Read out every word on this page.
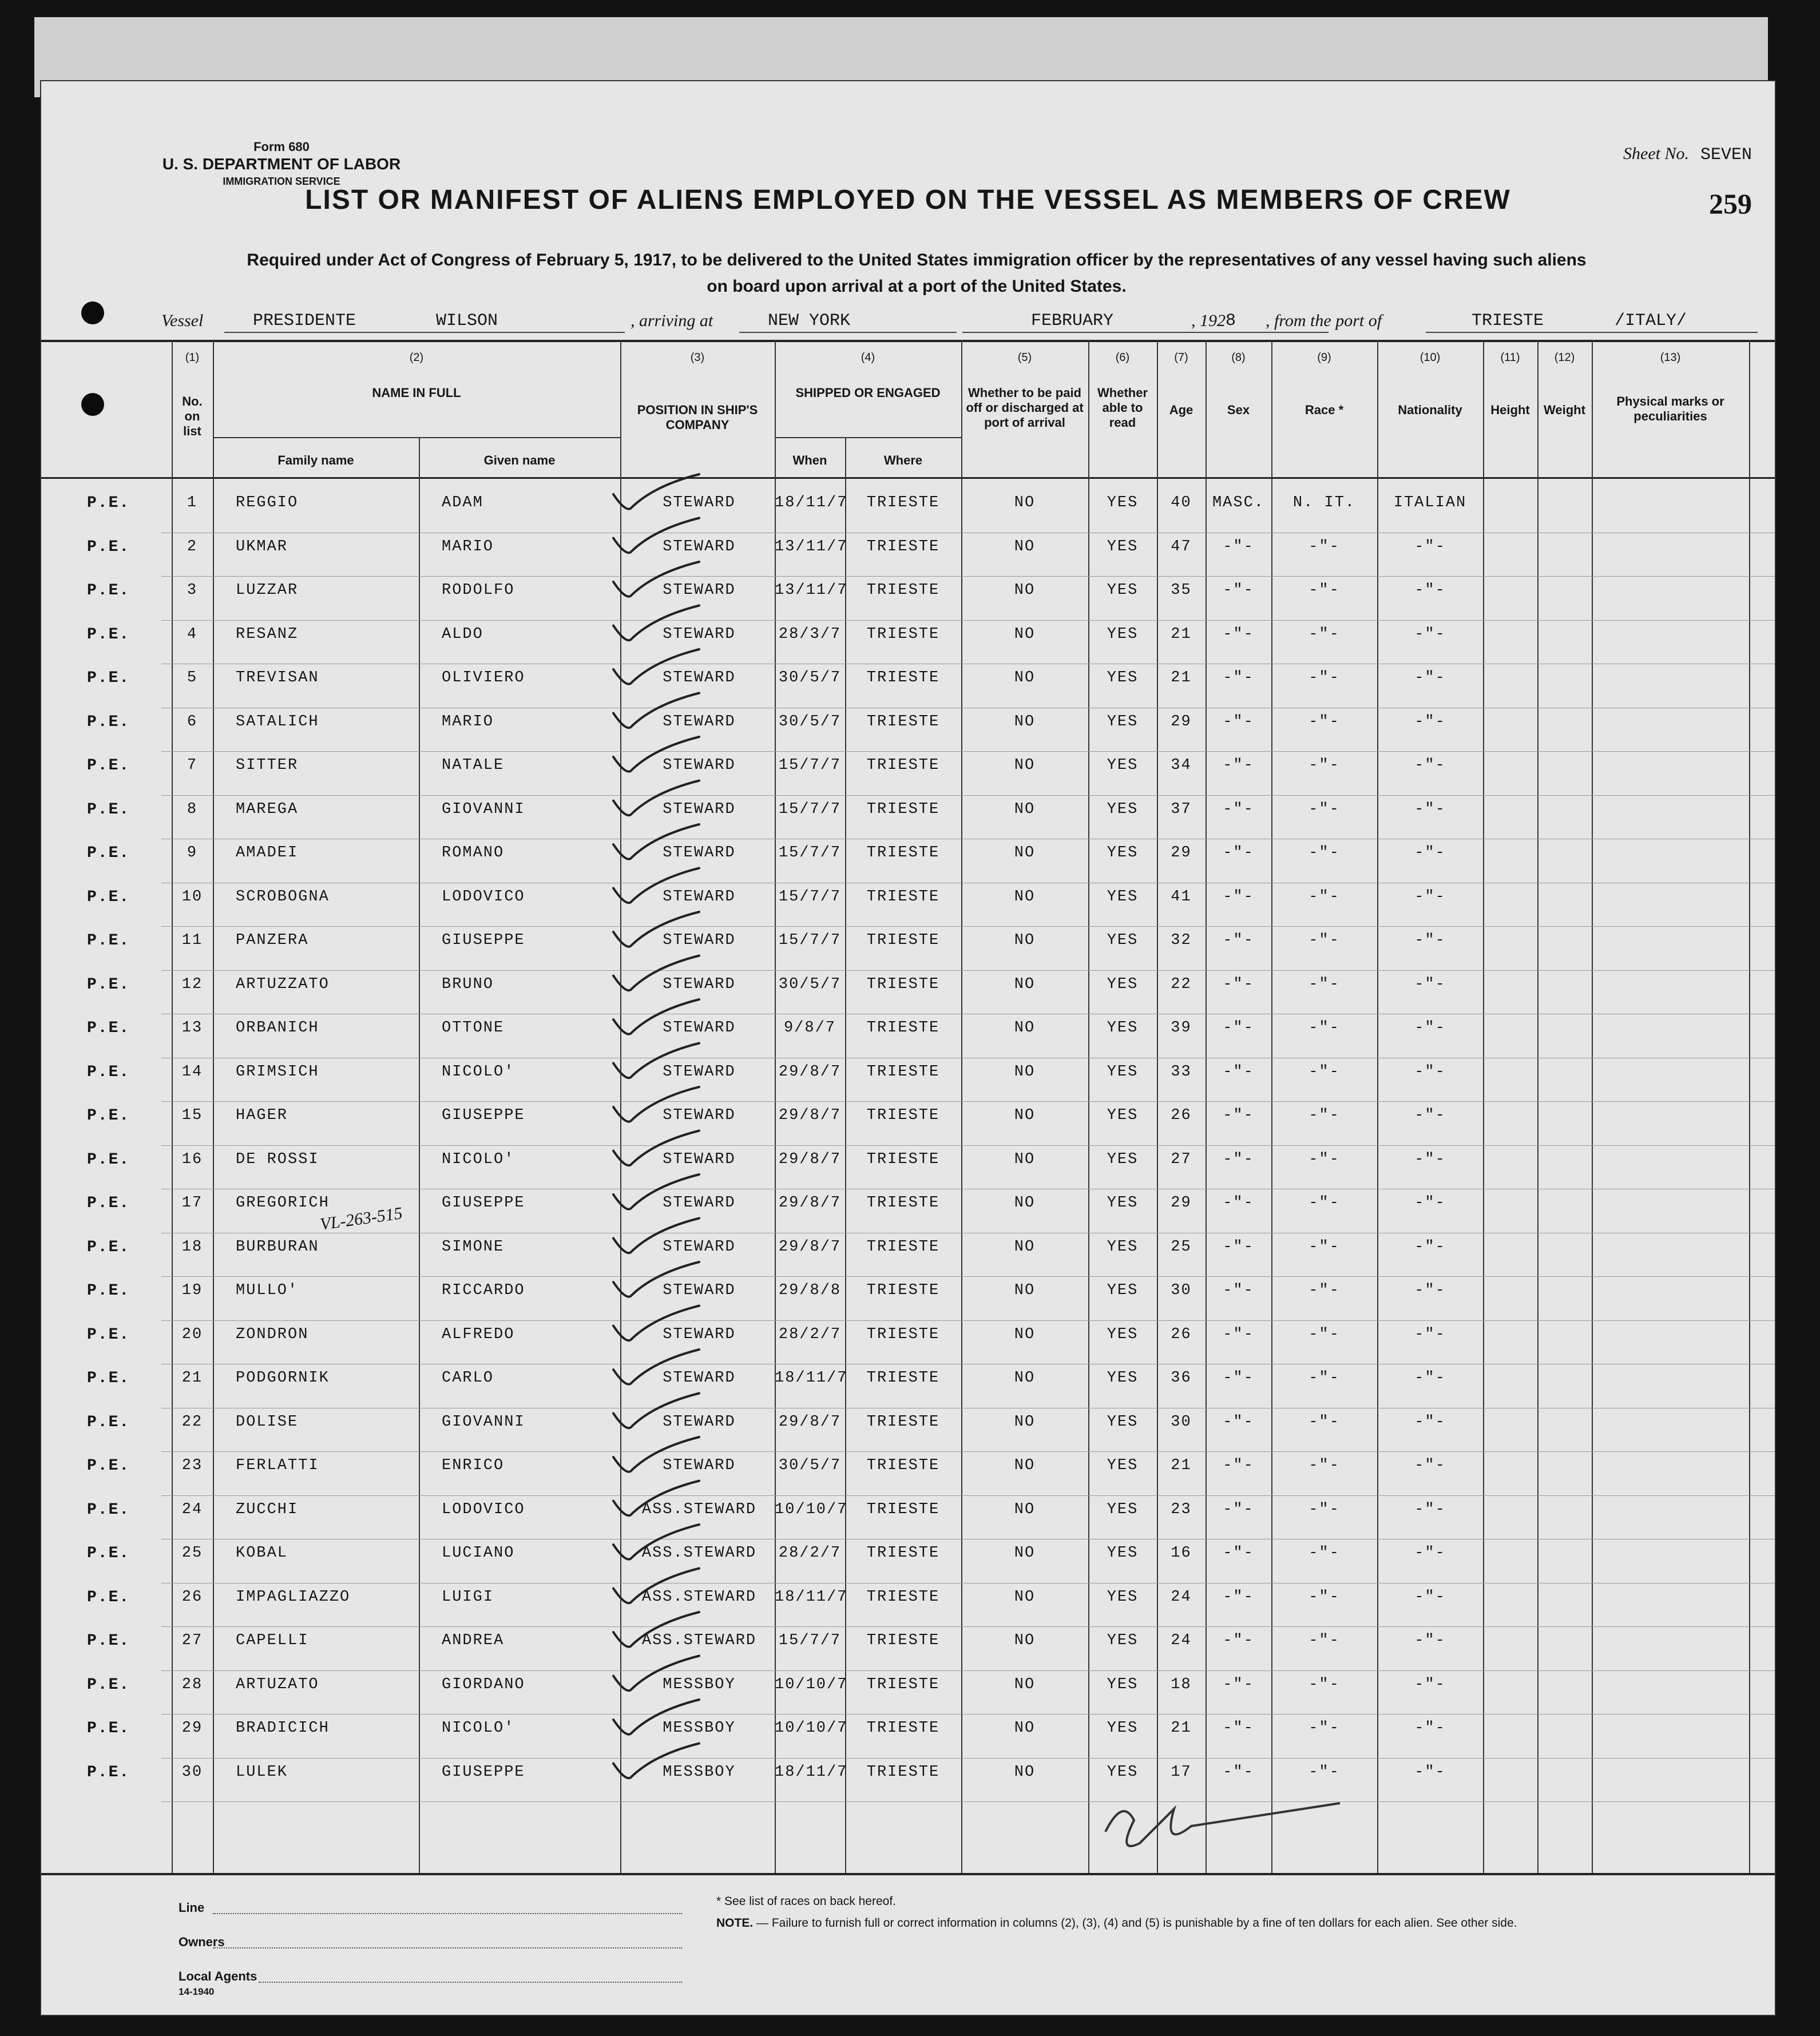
Form 680
U. S. DEPARTMENT OF LABOR
IMMIGRATION SERVICE
Sheet No. SEVEN
259
LIST OR MANIFEST OF ALIENS EMPLOYED ON THE VESSEL AS MEMBERS OF CREW
Required under Act of Congress of February 5, 1917, to be delivered to the United States immigration officer by the representatives of any vessel having such aliens
on board upon arrival at a port of the United States.
Vessel	PRESIDENTE	WILSON	, arriving at	NEW YORK	FEBRUARY	, 192 8 , from the port of	TRIESTE	/ITALY/
(1)	(2)	(3)	(4)	(5)	(6)	(7)	(8)	(9)	(10)	(11)	(12)	(13)
No. on list
NAME IN FULL
Family name	Given name
POSITION IN SHIP'S COMPANY
SHIPPED OR ENGAGED
When	Where
Whether to be paid off or discharged at port of arrival
Whether able to read
Age	Sex	Race *	Nationality	Height	Weight
Physical marks or peculiarities
P.E.	1	REGGIO	ADAM	STEWARD	18/11/7	TRIESTE	NO	YES	40	MASC.	N. IT.	ITALIAN
P.E.	2	UKMAR	MARIO	STEWARD	13/11/7	TRIESTE	NO	YES	47	-"-	-"-	-"-
P.E.	3	LUZZAR	RODOLFO	STEWARD	13/11/7	TRIESTE	NO	YES	35	-"-	-"-	-"-
P.E.	4	RESANZ	ALDO	STEWARD	28/3/7	TRIESTE	NO	YES	21	-"-	-"-	-"-
P.E.	5	TREVISAN	OLIVIERO	STEWARD	30/5/7	TRIESTE	NO	YES	21	-"-	-"-	-"-
P.E.	6	SATALICH	MARIO	STEWARD	30/5/7	TRIESTE	NO	YES	29	-"-	-"-	-"-
P.E.	7	SITTER	NATALE	STEWARD	15/7/7	TRIESTE	NO	YES	34	-"-	-"-	-"-
P.E.	8	MAREGA	GIOVANNI	STEWARD	15/7/7	TRIESTE	NO	YES	37	-"-	-"-	-"-
P.E.	9	AMADEI	ROMANO	STEWARD	15/7/7	TRIESTE	NO	YES	29	-"-	-"-	-"-
P.E.	10	SCROBOGNA	LODOVICO	STEWARD	15/7/7	TRIESTE	NO	YES	41	-"-	-"-	-"-
P.E.	11	PANZERA	GIUSEPPE	STEWARD	15/7/7	TRIESTE	NO	YES	32	-"-	-"-	-"-
P.E.	12	ARTUZZATO	BRUNO	STEWARD	30/5/7	TRIESTE	NO	YES	22	-"-	-"-	-"-
P.E.	13	ORBANICH	OTTONE	STEWARD	9/8/7	TRIESTE	NO	YES	39	-"-	-"-	-"-
P.E.	14	GRIMSICH	NICOLO'	STEWARD	29/8/7	TRIESTE	NO	YES	33	-"-	-"-	-"-
P.E.	15	HAGER	GIUSEPPE	STEWARD	29/8/7	TRIESTE	NO	YES	26	-"-	-"-	-"-
P.E.	16	DE ROSSI	NICOLO'	STEWARD	29/8/7	TRIESTE	NO	YES	27	-"-	-"-	-"-
P.E.	17	GREGORICH	GIUSEPPE	STEWARD	29/8/7	TRIESTE	NO	YES	29	-"-	-"-	-"-
P.E.	18	BURBURAN	SIMONE	STEWARD	29/8/7	TRIESTE	NO	YES	25	-"-	-"-	-"-
P.E.	19	MULLO'	RICCARDO	STEWARD	29/8/8	TRIESTE	NO	YES	30	-"-	-"-	-"-
P.E.	20	ZONDRON	ALFREDO	STEWARD	28/2/7	TRIESTE	NO	YES	26	-"-	-"-	-"-
P.E.	21	PODGORNIK	CARLO	STEWARD	18/11/7	TRIESTE	NO	YES	36	-"-	-"-	-"-
P.E.	22	DOLISE	GIOVANNI	STEWARD	29/8/7	TRIESTE	NO	YES	30	-"-	-"-	-"-
P.E.	23	FERLATTI	ENRICO	STEWARD	30/5/7	TRIESTE	NO	YES	21	-"-	-"-	-"-
P.E.	24	ZUCCHI	LODOVICO	ASS.STEWARD	10/10/7	TRIESTE	NO	YES	23	-"-	-"-	-"-
P.E.	25	KOBAL	LUCIANO	ASS.STEWARD	28/2/7	TRIESTE	NO	YES	16	-"-	-"-	-"-
P.E.	26	IMPAGLIAZZO	LUIGI	ASS.STEWARD	18/11/7	TRIESTE	NO	YES	24	-"-	-"-	-"-
P.E.	27	CAPELLI	ANDREA	ASS.STEWARD	15/7/7	TRIESTE	NO	YES	24	-"-	-"-	-"-
P.E.	28	ARTUZATO	GIORDANO	MESSBOY	10/10/7	TRIESTE	NO	YES	18	-"-	-"-	-"-
P.E.	29	BRADICICH	NICOLO'	MESSBOY	10/10/7	TRIESTE	NO	YES	21	-"-	-"-	-"-
P.E.	30	LULEK	GIUSEPPE	MESSBOY	18/11/7	TRIESTE	NO	YES	17	-"-	-"-	-"-
VL-263-515
Line
Owners
Local Agents
14-1940
* See list of races on back hereof.
NOTE. — Failure to furnish full or correct information in columns (2), (3), (4) and (5) is punishable by a fine of ten dollars for each alien. See other side.
